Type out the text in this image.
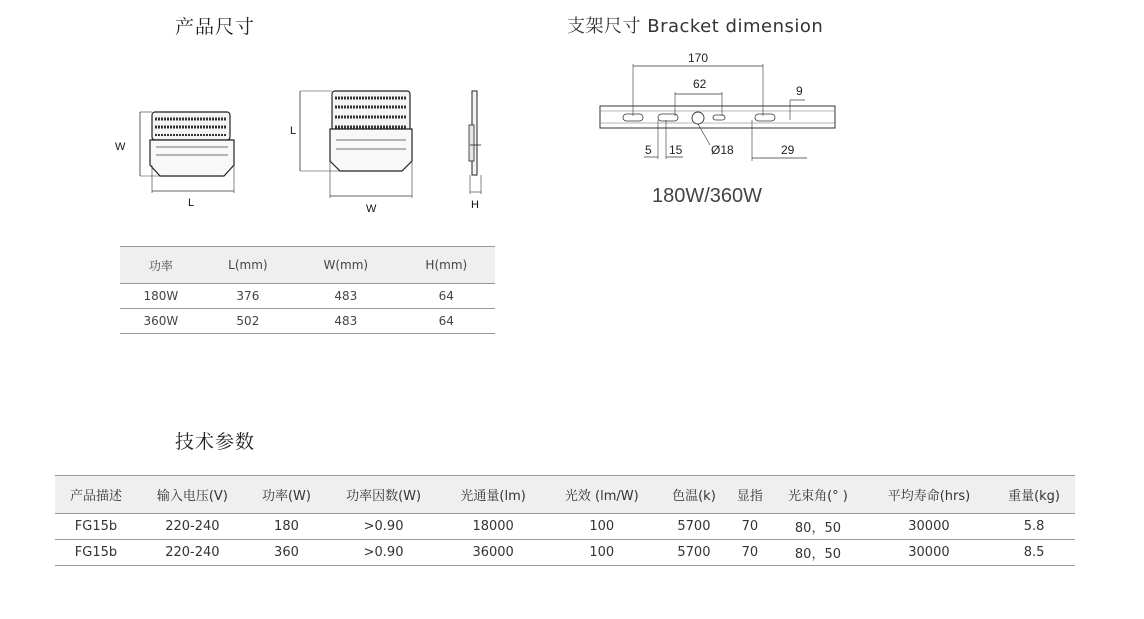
产品尺寸	支架尺寸 Bracket dimension
技术参数
W
L
L
W	H
170
62	9
5 15 Ø18	29
180W/360W
功率	L(mm)	W(mm)	H(mm)
180W	376	483	64
360W	502	483	64
产品描述	输入电压(V)	功率(W)	功率因数(W)	光通量(lm)	光效 (lm/W)	色温(k)	显指	光束角(° )	平均寿命(hrs)	重量(kg)
FG15b	220-240	180	>0.90	18000	100	5700	70	80，50	30000	5.8
FG15b	220-240	360	>0.90	36000	100	5700	70	80，50	30000	8.5
